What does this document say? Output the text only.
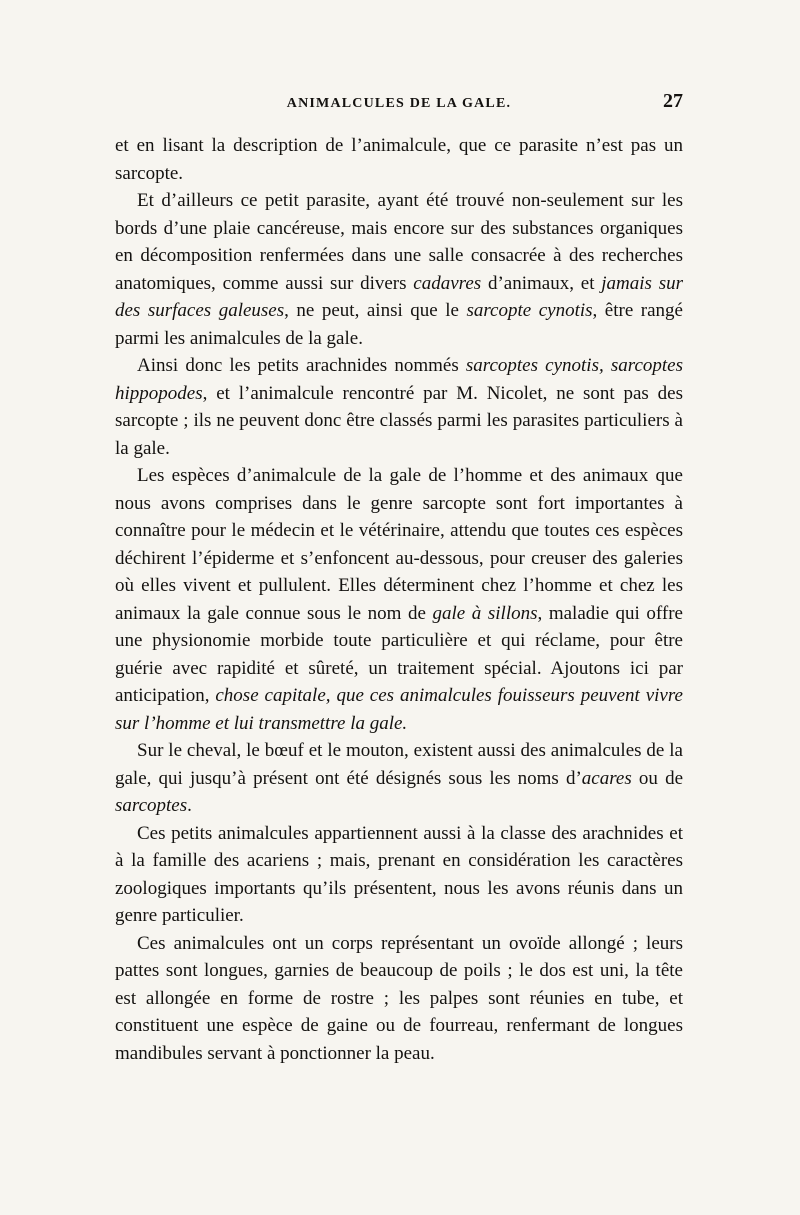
ANIMALCULES DE LA GALE.	27

et en lisant la description de l’animalcule, que ce parasite n’est pas un sarcopte.

Et d’ailleurs ce petit parasite, ayant été trouvé non-seulement sur les bords d’une plaie cancéreuse, mais encore sur des substances organiques en décomposition renfermées dans une salle consacrée à des recherches anatomiques, comme aussi sur divers cadavres d’animaux, et jamais sur des surfaces galeuses, ne peut, ainsi que le sarcopte cynotis, être rangé parmi les animalcules de la gale.

Ainsi donc les petits arachnides nommés sarcoptes cynotis, sarcoptes hippopodes, et l’animalcule rencontré par M. Nicolet, ne sont pas des sarcopte ; ils ne peuvent donc être classés parmi les parasites particuliers à la gale.

Les espèces d’animalcule de la gale de l’homme et des animaux que nous avons comprises dans le genre sarcopte sont fort importantes à connaître pour le médecin et le vétérinaire, attendu que toutes ces espèces déchirent l’épiderme et s’enfoncent au-dessous, pour creuser des galeries où elles vivent et pullulent. Elles déterminent chez l’homme et chez les animaux la gale connue sous le nom de gale à sillons, maladie qui offre une physionomie morbide toute particulière et qui réclame, pour être guérie avec rapidité et sûreté, un traitement spécial. Ajoutons ici par anticipation, chose capitale, que ces animalcules fouisseurs peuvent vivre sur l’homme et lui transmettre la gale.

Sur le cheval, le bœuf et le mouton, existent aussi des animalcules de la gale, qui jusqu’à présent ont été désignés sous les noms d’acares ou de sarcoptes.

Ces petits animalcules appartiennent aussi à la classe des arachnides et à la famille des acariens ; mais, prenant en considération les caractères zoologiques importants qu’ils présentent, nous les avons réunis dans un genre particulier.

Ces animalcules ont un corps représentant un ovoïde allongé ; leurs pattes sont longues, garnies de beaucoup de poils ; le dos est uni, la tête est allongée en forme de rostre ; les palpes sont réunies en tube, et constituent une espèce de gaine ou de fourreau, renfermant de longues mandibules servant à ponctionner la peau.
